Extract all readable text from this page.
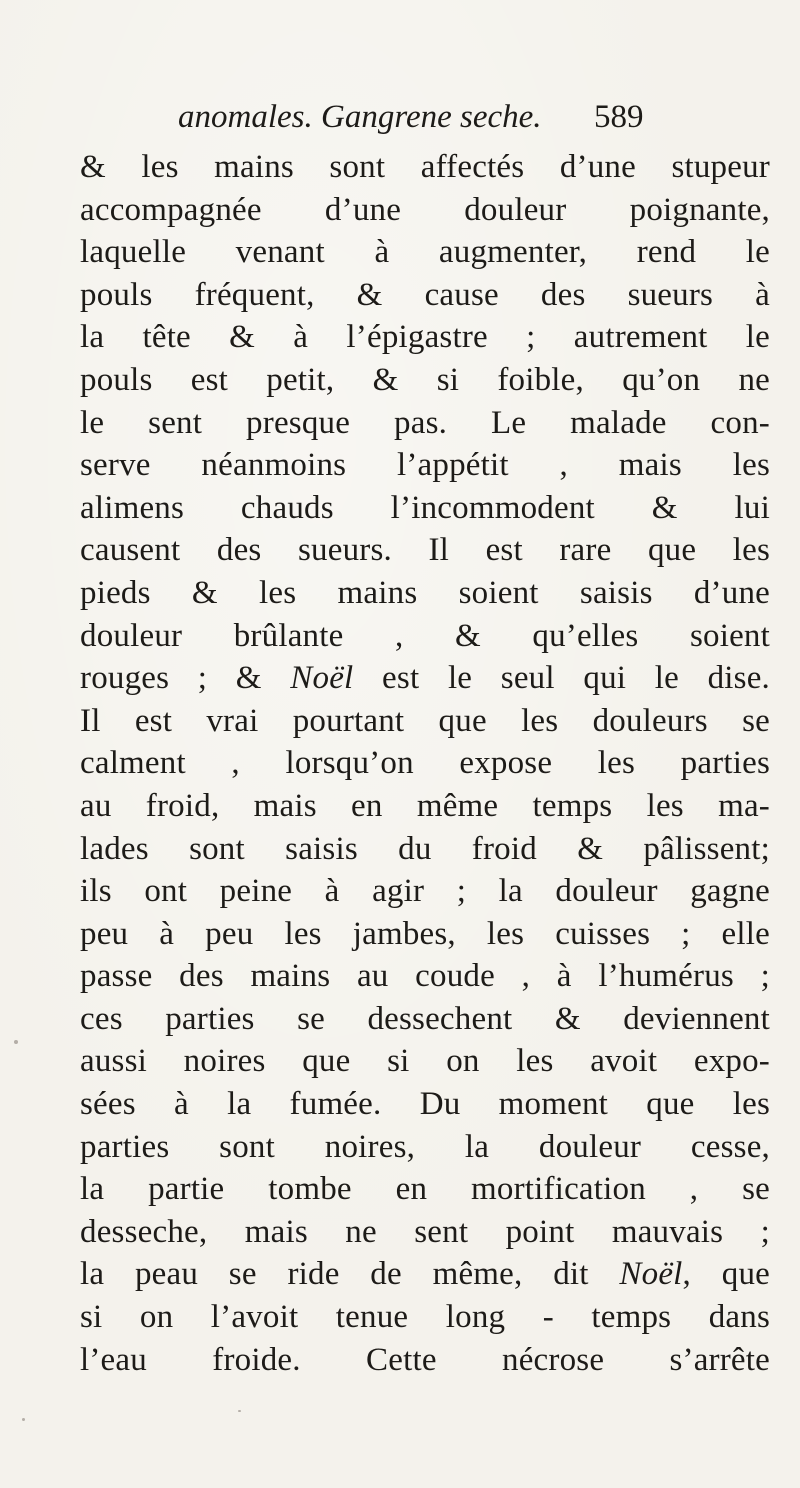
anomales. Gangrene seche. 589
& les mains sont affectés d’une stupeur
accompagnée d’une douleur poignante,
laquelle venant à augmenter, rend le
pouls fréquent, & cause des sueurs à
la tête & à l’épigastre ; autrement le
pouls est petit, & si foible, qu’on ne
le sent presque pas. Le malade con-
serve néanmoins l’appétit , mais les
alimens chauds l’incommodent & lui
causent des sueurs. Il est rare que les
pieds & les mains soient saisis d’une
douleur brûlante , & qu’elles soient
rouges ; & Noël est le seul qui le dise.
Il est vrai pourtant que les douleurs se
calment , lorsqu’on expose les parties
au froid, mais en même temps les ma-
lades sont saisis du froid & pâlissent;
ils ont peine à agir ; la douleur gagne
peu à peu les jambes, les cuisses ; elle
passe des mains au coude , à l’humérus ;
ces parties se dessechent & deviennent
aussi noires que si on les avoit expo-
sées à la fumée. Du moment que les
parties sont noires, la douleur cesse,
la partie tombe en mortification , se
desseche, mais ne sent point mauvais ;
la peau se ride de même, dit Noël, que
si on l’avoit tenue long - temps dans
l’eau froide. Cette nécrose s’arrête
